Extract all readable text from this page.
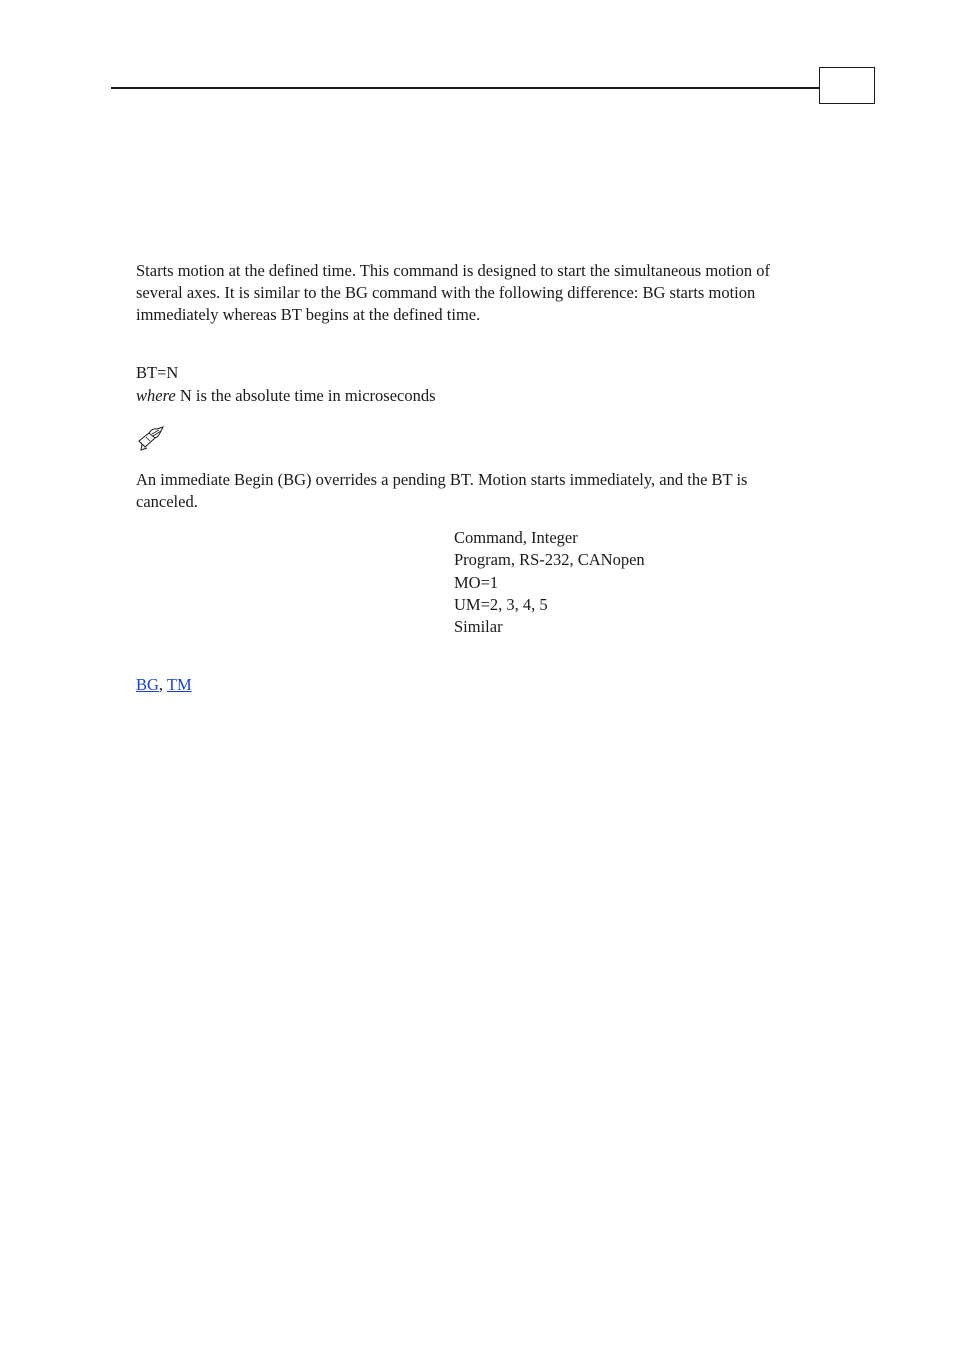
Starts motion at the defined time. This command is designed to start the simultaneous motion of several axes. It is similar to the BG command with the following difference: BG starts motion immediately whereas BT begins at the defined time.
BT=N
where N is the absolute time in microseconds
An immediate Begin (BG) overrides a pending BT. Motion starts immediately, and the BT is canceled.
Command, Integer
Program, RS-232, CANopen
MO=1
UM=2, 3, 4, 5
Similar
BG, TM
